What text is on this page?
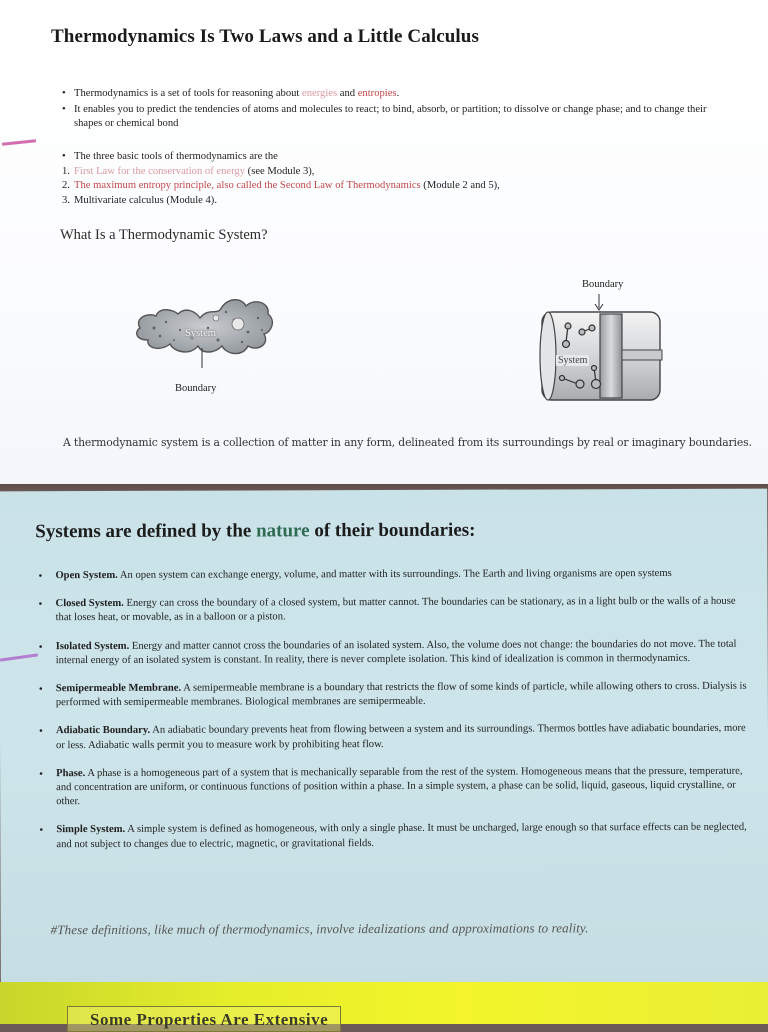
Thermodynamics Is Two Laws and a Little Calculus
• Thermodynamics is a set of tools for reasoning about energies and entropies.
• It enables you to predict the tendencies of atoms and molecules to react; to bind, absorb, or partition; to dissolve or change phase; and to change their shapes or chemical bond
• The three basic tools of thermodynamics are the
1. First Law for the conservation of energy (see Module 3),
2. The maximum entropy principle, also called the Second Law of Thermodynamics (Module 2 and 5),
3. Multivariate calculus (Module 4).
What Is a Thermodynamic System?
System
Boundary
Boundary
System
A thermodynamic system is a collection of matter in any form, delineated from its surroundings by real or imaginary boundaries.
Systems are defined by the nature of their boundaries:
• Open System. An open system can exchange energy, volume, and matter with its surroundings. The Earth and living organisms are open systems
• Closed System. Energy can cross the boundary of a closed system, but matter cannot. The boundaries can be stationary, as in a light bulb or the walls of a house that loses heat, or movable, as in a balloon or a piston.
• Isolated System. Energy and matter cannot cross the boundaries of an isolated system. Also, the volume does not change: the boundaries do not move. The total internal energy of an isolated system is constant. In reality, there is never complete isolation. This kind of idealization is common in thermodynamics.
• Semipermeable Membrane. A semipermeable membrane is a boundary that restricts the flow of some kinds of particle, while allowing others to cross. Dialysis is performed with semipermeable membranes. Biological membranes are semipermeable.
• Adiabatic Boundary. An adiabatic boundary prevents heat from flowing between a system and its surroundings. Thermos bottles have adiabatic boundaries, more or less. Adiabatic walls permit you to measure work by prohibiting heat flow.
• Phase. A phase is a homogeneous part of a system that is mechanically separable from the rest of the system. Homogeneous means that the pressure, temperature, and concentration are uniform, or continuous functions of position within a phase. In a simple system, a phase can be solid, liquid, gaseous, liquid crystalline, or other.
• Simple System. A simple system is defined as homogeneous, with only a single phase. It must be uncharged, large enough so that surface effects can be neglected, and not subject to changes due to electric, magnetic, or gravitational fields.
#These definitions, like much of thermodynamics, involve idealizations and approximations to reality.
Some Properties Are Extensive
